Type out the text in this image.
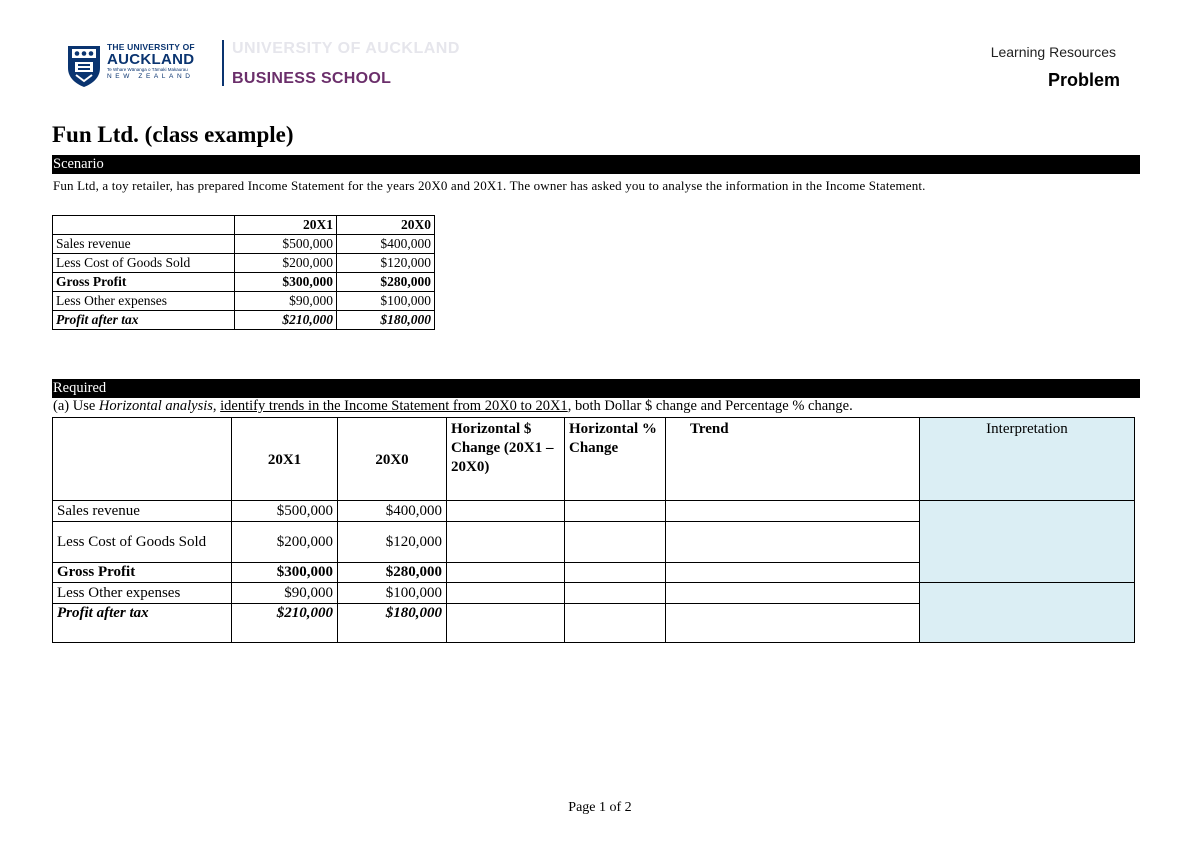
THE UNIVERSITY OF
AUCKLAND
Te Whare Wānanga o Tāmaki Makaurau
NEW ZEALAND
UNIVERSITY OF AUCKLAND
BUSINESS SCHOOL
Learning Resources
Problem
Fun Ltd. (class example)
Scenario
Fun Ltd, a toy retailer, has prepared Income Statement for the years 20X0 and 20X1. The owner has asked you to analyse the information in the Income Statement.
	20X1	20X0
Sales revenue	$500,000	$400,000
Less Cost of Goods Sold	$200,000	$120,000
Gross Profit	$300,000	$280,000
Less Other expenses	$90,000	$100,000
Profit after tax	$210,000	$180,000
Required
(a) Use Horizontal analysis, identify trends in the Income Statement from 20X0 to 20X1, both Dollar $ change and Percentage % change.
	20X1	20X0	Horizontal $ Change (20X1 – 20X0)	Horizontal % Change	Trend	Interpretation
Sales revenue	$500,000	$400,000				
Less Cost of Goods Sold	$200,000	$120,000				
Gross Profit	$300,000	$280,000				
Less Other expenses	$90,000	$100,000				
Profit after tax	$210,000	$180,000				
Page 1 of 2
